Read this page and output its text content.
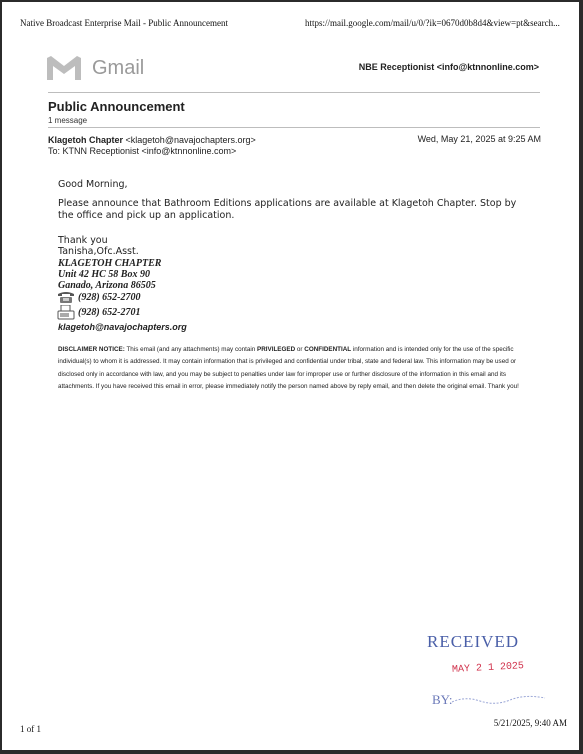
Native Broadcast Enterprise Mail - Public Announcement	https://mail.google.com/mail/u/0/?ik=0670d0b8d4&view=pt&search...
Gmail	NBE Receptionist <info@ktnnonline.com>
Public Announcement
1 message
Klagetoh Chapter <klagetoh@navajochapters.org>
To: KTNN Receptionist <info@ktnnonline.com>
Wed, May 21, 2025 at 9:25 AM
Good Morning,
Please announce that Bathroom Editions applications are available at Klagetoh Chapter. Stop by the office and pick up an application.
Thank you
Tanisha,Ofc.Asst.
KLAGETOH CHAPTER
Unit 42 HC 58 Box 90
Ganado, Arizona 86505
(928) 652-2700
(928) 652-2701
klagetoh@navajochapters.org
DISCLAIMER NOTICE: This email (and any attachments) may contain PRIVILEGED or CONFIDENTIAL information and is intended only for the use of the specific individual(s) to whom it is addressed. It may contain information that is privileged and confidential under tribal, state and federal law. This information may be used or disclosed only in accordance with law, and you may be subject to penalties under law for improper use or further disclosure of the information in this email and its attachments. If you have received this email in error, please immediately notify the person named above by reply email, and then delete the original email. Thank you!
RECEIVED
MAY 2 1 2025
BY:
1 of 1
5/21/2025, 9:40 AM
